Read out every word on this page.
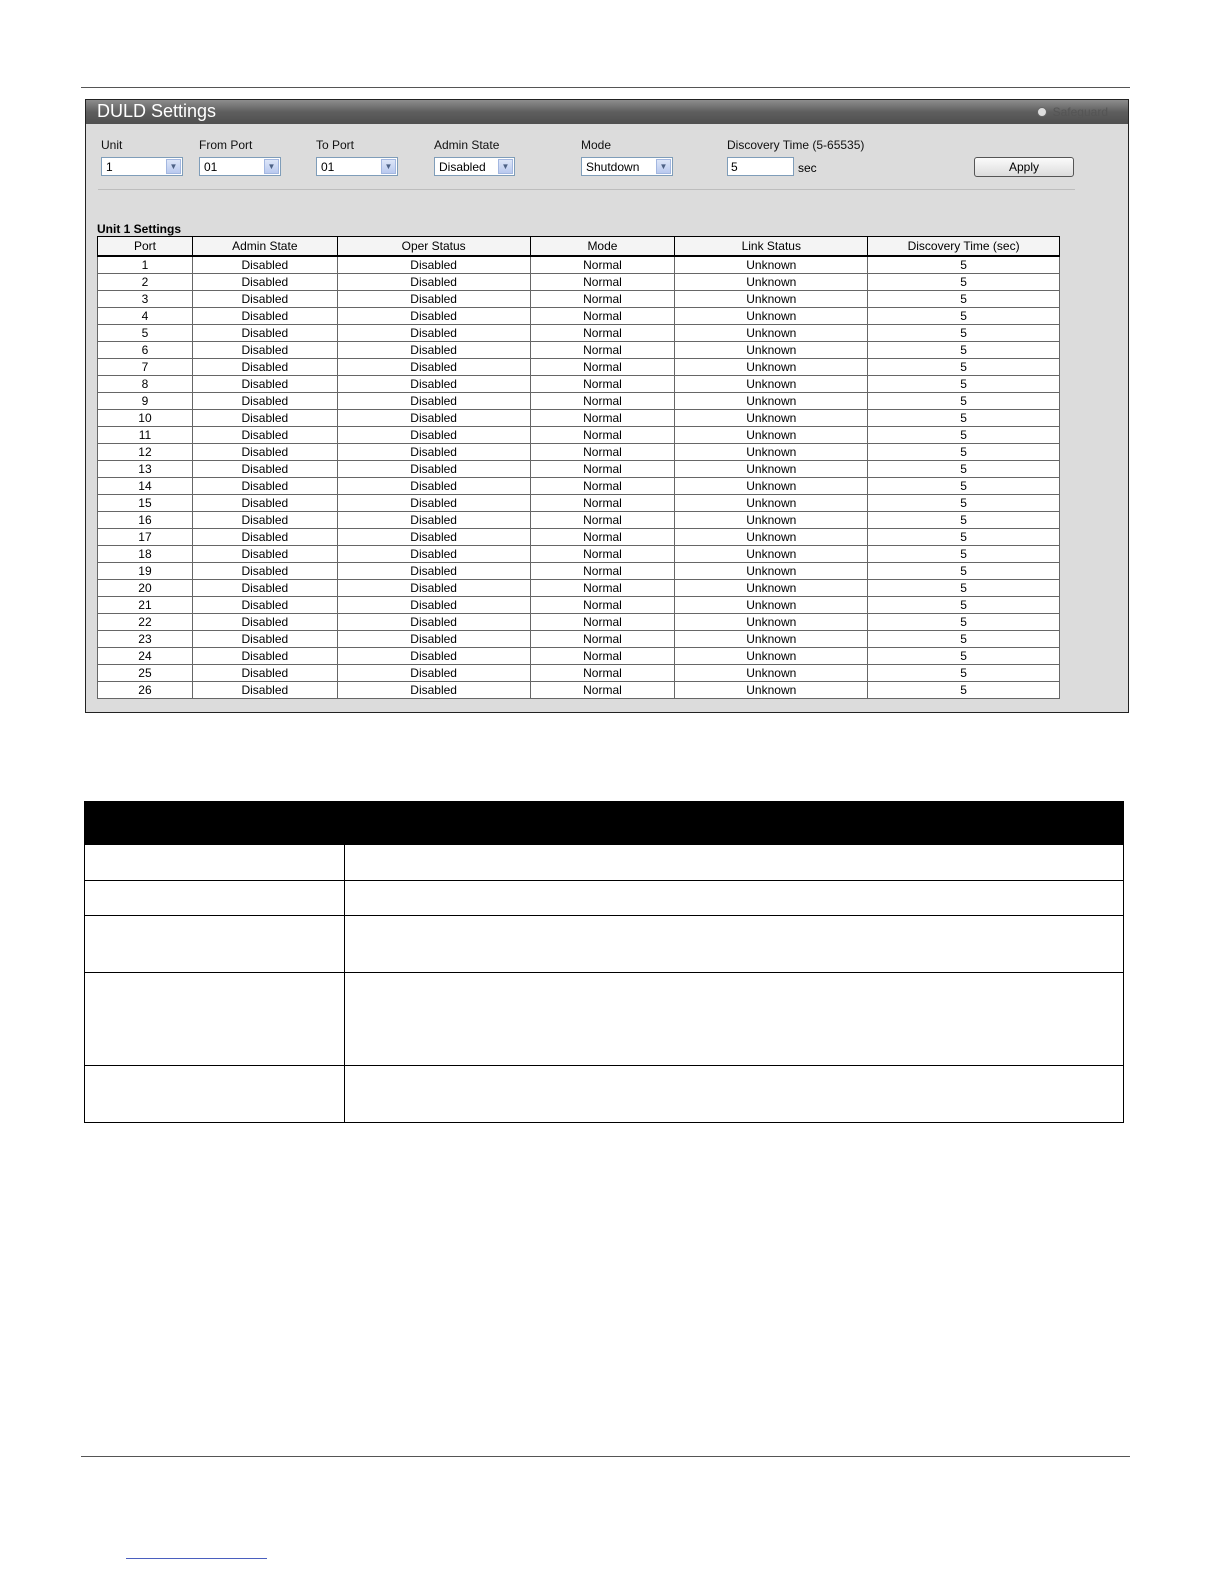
DULD Settings	Safeguard
Unit	From Port	To Port	Admin State	Mode	Discovery Time (5-65535)
1	▼ 01	▼	01	▼	Disabled	▼	Shutdown	▼
5	sec	Apply
Unit 1 Settings
Port	Admin State	Oper Status	Mode	Link Status	Discovery Time (sec)
1	Disabled	Disabled	Normal	Unknown	5
2	Disabled	Disabled	Normal	Unknown	5
3	Disabled	Disabled	Normal	Unknown	5
4	Disabled	Disabled	Normal	Unknown	5
5	Disabled	Disabled	Normal	Unknown	5
6	Disabled	Disabled	Normal	Unknown	5
7	Disabled	Disabled	Normal	Unknown	5
8	Disabled	Disabled	Normal	Unknown	5
9	Disabled	Disabled	Normal	Unknown	5
10	Disabled	Disabled	Normal	Unknown	5
11	Disabled	Disabled	Normal	Unknown	5
12	Disabled	Disabled	Normal	Unknown	5
13	Disabled	Disabled	Normal	Unknown	5
14	Disabled	Disabled	Normal	Unknown	5
15	Disabled	Disabled	Normal	Unknown	5
16	Disabled	Disabled	Normal	Unknown	5
17	Disabled	Disabled	Normal	Unknown	5
18	Disabled	Disabled	Normal	Unknown	5
19	Disabled	Disabled	Normal	Unknown	5
20	Disabled	Disabled	Normal	Unknown	5
21	Disabled	Disabled	Normal	Unknown	5
22	Disabled	Disabled	Normal	Unknown	5
23	Disabled	Disabled	Normal	Unknown	5
24	Disabled	Disabled	Normal	Unknown	5
25	Disabled	Disabled	Normal	Unknown	5
26	Disabled	Disabled	Normal	Unknown	5
